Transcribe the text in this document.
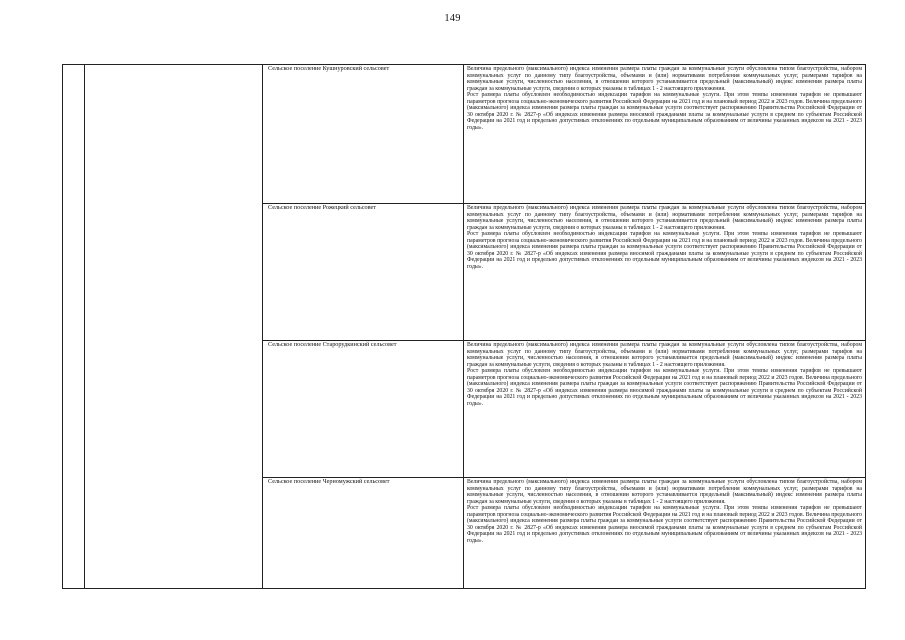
149

		Сельское поселение Кушнуровский сельсовет	Величина предельного (максимального) индекса изменения размера платы граждан за коммунальные услуги обусловлена типом благоустройства, набором коммунальных услуг по данному типу благоустройства, объемами и (или) нормативами потребления коммунальных услуг, размерами тарифов на коммунальные услуги, численностью населения, в отношении которого устанавливается предельный (максимальный) индекс изменения размера платы граждан за коммунальные услуги, сведения о которых указаны в таблицах 1 - 2 настоящего приложения.

Рост размера платы обусловлен необходимостью индексации тарифов на коммунальные услуги. При этом темпы изменения тарифов не превышают параметров прогноза социально-экономического развития Российской Федерации на 2021 год и на плановый период 2022 и 2023 годов. Величина предельного (максимального) индекса изменения размера платы граждан за коммунальные услуги соответствует распоряжению Правительства Российской Федерации от 30 октября 2020 г. № 2827-р «Об индексах изменения размера вносимой гражданами платы за коммунальные услуги в среднем по субъектам Российской Федерации на 2021 год и предельно допустимых отклонениях по отдельным муниципальным образованиям от величины указанных индексов на 2021 - 2023 годы».

		Сельское поселение Рожецкий сельсовет	Величина предельного (максимального) индекса изменения размера платы граждан за коммунальные услуги обусловлена типом благоустройства, набором коммунальных услуг по данному типу благоустройства, объемами и (или) нормативами потребления коммунальных услуг, размерами тарифов на коммунальные услуги, численностью населения, в отношении которого устанавливается предельный (максимальный) индекс изменения размера платы граждан за коммунальные услуги, сведения о которых указаны в таблицах 1 - 2 настоящего приложения.

Рост размера платы обусловлен необходимостью индексации тарифов на коммунальные услуги. При этом темпы изменения тарифов не превышают параметров прогноза социально-экономического развития Российской Федерации на 2021 год и на плановый период 2022 и 2023 годов. Величина предельного (максимального) индекса изменения размера платы граждан за коммунальные услуги соответствует распоряжению Правительства Российской Федерации от 30 октября 2020 г. № 2827-р «Об индексах изменения размера вносимой гражданами платы за коммунальные услуги в среднем по субъектам Российской Федерации на 2021 год и предельно допустимых отклонениях по отдельным муниципальным образованиям от величины указанных индексов на 2021 - 2023 годы».

		Сельское поселение Старорудкинский сельсовет	Величина предельного (максимального) индекса изменения размера платы граждан за коммунальные услуги обусловлена типом благоустройства, набором коммунальных услуг по данному типу благоустройства, объемами и (или) нормативами потребления коммунальных услуг, размерами тарифов на коммунальные услуги, численностью населения, в отношении которого устанавливается предельный (максимальный) индекс изменения размера платы граждан за коммунальные услуги, сведения о которых указаны в таблицах 1 - 2 настоящего приложения.

Рост размера платы обусловлен необходимостью индексации тарифов на коммунальные услуги. При этом темпы изменения тарифов не превышают параметров прогноза социально-экономического развития Российской Федерации на 2021 год и на плановый период 2022 и 2023 годов. Величина предельного (максимального) индекса изменения размера платы граждан за коммунальные услуги соответствует распоряжению Правительства Российской Федерации от 30 октября 2020 г. № 2827-р «Об индексах изменения размера вносимой гражданами платы за коммунальные услуги в среднем по субъектам Российской Федерации на 2021 год и предельно допустимых отклонениях по отдельным муниципальным образованиям от величины указанных индексов на 2021 - 2023 годы».

		Сельское поселение Черномужский сельсовет	Величина предельного (максимального) индекса изменения размера платы граждан за коммунальные услуги обусловлена типом благоустройства, набором коммунальных услуг по данному типу благоустройства, объемами и (или) нормативами потребления коммунальных услуг, размерами тарифов на коммунальные услуги, численностью населения, в отношении которого устанавливается предельный (максимальный) индекс изменения размера платы граждан за коммунальные услуги, сведения о которых указаны в таблицах 1 - 2 настоящего приложения.

Рост размера платы обусловлен необходимостью индексации тарифов на коммунальные услуги. При этом темпы изменения тарифов не превышают параметров прогноза социально-экономического развития Российской Федерации на 2021 год и на плановый период 2022 и 2023 годов. Величина предельного (максимального) индекса изменения размера платы граждан за коммунальные услуги соответствует распоряжению Правительства Российской Федерации от 30 октября 2020 г. № 2827-р «Об индексах изменения размера вносимой гражданами платы за коммунальные услуги в среднем по субъектам Российской Федерации на 2021 год и предельно допустимых отклонениях по отдельным муниципальным образованиям от величины указанных индексов на 2021 - 2023 годы».
